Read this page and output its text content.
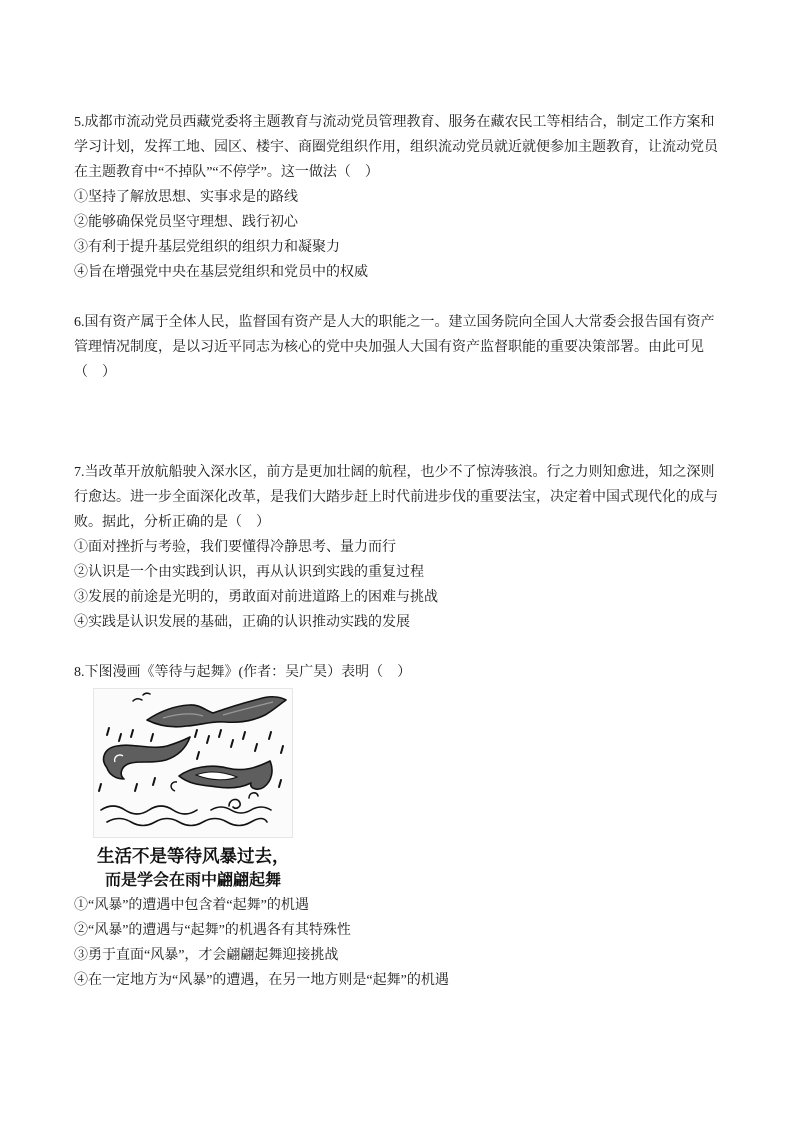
5.成都市流动党员西藏党委将主题教育与流动党员管理教育、服务在藏农民工等相结合，制定工作方案和
学习计划，发挥工地、园区、楼宇、商圈党组织作用，组织流动党员就近就便参加主题教育，让流动党员
在主题教育中“不掉队”“不停学”。这一做法（    ）
①坚持了解放思想、实事求是的路线
②能够确保党员坚守理想、践行初心
③有利于提升基层党组织的组织力和凝聚力
④旨在增强党中央在基层党组织和党员中的权威

6.国有资产属于全体人民，监督国有资产是人大的职能之一。建立国务院向全国人大常委会报告国有资产
管理情况制度，是以习近平同志为核心的党中央加强人大国有资产监督职能的重要决策部署。由此可见
（    ）

7.当改革开放航船驶入深水区，前方是更加壮阔的航程，也少不了惊涛骇浪。行之力则知愈进，知之深则
行愈达。进一步全面深化改革，是我们大踏步赶上时代前进步伐的重要法宝，决定着中国式现代化的成与
败。据此，分析正确的是（    ）
①面对挫折与考验，我们要懂得冷静思考、量力而行
②认识是一个由实践到认识，再从认识到实践的重复过程
③发展的前途是光明的，勇敢面对前进道路上的困难与挑战
④实践是认识发展的基础，正确的认识推动实践的发展

8.下图漫画《等待与起舞》(作者：吴广昊）表明（    ）
生活不是等待风暴过去，
而是学会在雨中翩翩起舞
①“风暴”的遭遇中包含着“起舞”的机遇
②“风暴”的遭遇与“起舞”的机遇各有其特殊性
③勇于直面“风暴”，才会翩翩起舞迎接挑战
④在一定地方为“风暴”的遭遇，在另一地方则是“起舞”的机遇
